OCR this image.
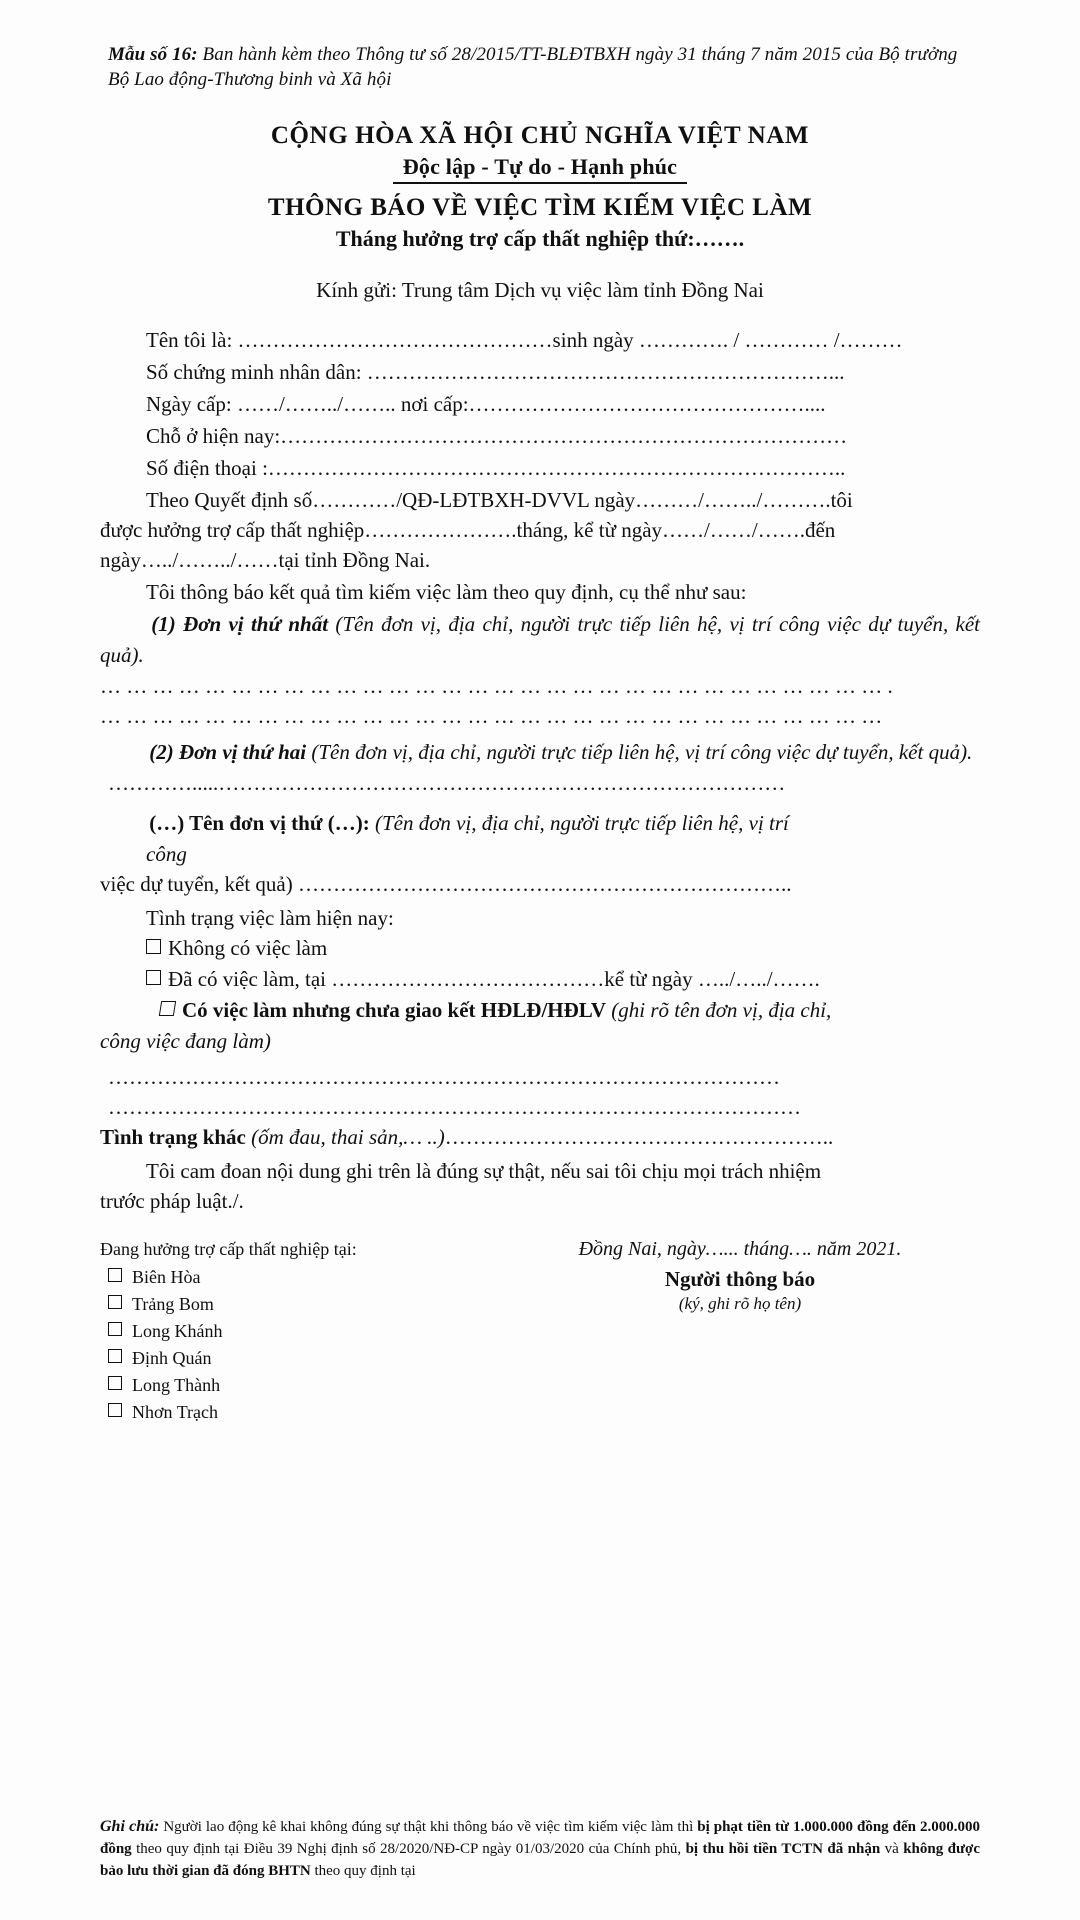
Mẫu số 16: Ban hành kèm theo Thông tư số 28/2015/TT-BLĐTBXH ngày 31 tháng 7 năm 2015 của Bộ trưởng Bộ Lao động-Thương binh và Xã hội
CỘNG HÒA XÃ HỘI CHỦ NGHĨA VIỆT NAM
Độc lập - Tự do - Hạnh phúc
THÔNG BÁO VỀ VIỆC TÌM KIẾM VIỆC LÀM
Tháng hưởng trợ cấp thất nghiệp thứ:…….
Kính gửi: Trung tâm Dịch vụ việc làm tỉnh Đồng Nai
Tên tôi là: ………………………………………sinh ngày …………. / ………… /………
Số chứng minh nhân dân: …………………………………………………………...
Ngày cấp: ……/……../…….. nơi cấp:…………………………………………....
Chỗ ở hiện nay:………………………………………………………………………
Số điện thoại :………………………………………………………………………..
Theo Quyết định số…………/QĐ-LĐTBXH-DVVL ngày………/……../……….tôi
được hưởng trợ cấp thất nghiệp………………….tháng, kể từ ngày……/……/…….đến
ngày…../……../……tại tỉnh Đồng Nai.
Tôi thông báo kết quả tìm kiếm việc làm theo quy định, cụ thể như sau:
(1) Đơn vị thứ nhất (Tên đơn vị, địa chỉ, người trực tiếp liên hệ, vị trí công việc dự tuyển, kết quả).
… … … … … … … … … … … … … … … … … … … … … … … … … … … … … … .
… … … … … … … … … … … … … … … … … … … … … … … … … … … … … …
(2) Đơn vị thứ hai (Tên đơn vị, địa chỉ, người trực tiếp liên hệ, vị trí công việc dự tuyển, kết quả).
………….....………………………………………………………………………
(…) Tên đơn vị thứ (…): (Tên đơn vị, địa chỉ, người trực tiếp liên hệ, vị trí
công
việc dự tuyển, kết quả) ……………………………………………………………..
Tình trạng việc làm hiện nay:
Không có việc làm
Đã có việc làm, tại …………………………………kể từ ngày …../…../…….
Có việc làm nhưng chưa giao kết HĐLĐ/HĐLV (ghi rõ tên đơn vị, địa chỉ,
công việc đang làm)
……………………………………………………………………………………
………………………………………………………………………………………
Tình trạng khác (ốm đau, thai sản,… ..)………………………………………………..
Tôi cam đoan nội dung ghi trên là đúng sự thật, nếu sai tôi chịu mọi trách nhiệm
trước pháp luật./.
Đang hưởng trợ cấp thất nghiệp tại:
Biên Hòa
Trảng Bom
Long Khánh
Định Quán
Long Thành
Nhơn Trạch
Đồng Nai, ngày…... tháng…. năm 2021.
Người thông báo
(ký, ghi rõ họ tên)
Ghi chú: Người lao động kê khai không đúng sự thật khi thông báo về việc tìm kiếm việc làm thì bị phạt tiền từ 1.000.000 đồng đến 2.000.000 đồng theo quy định tại Điều 39 Nghị định số 28/2020/NĐ-CP ngày 01/03/2020 của Chính phủ, bị thu hồi tiền TCTN đã nhận và không được bảo lưu thời gian đã đóng BHTN theo quy định tại
